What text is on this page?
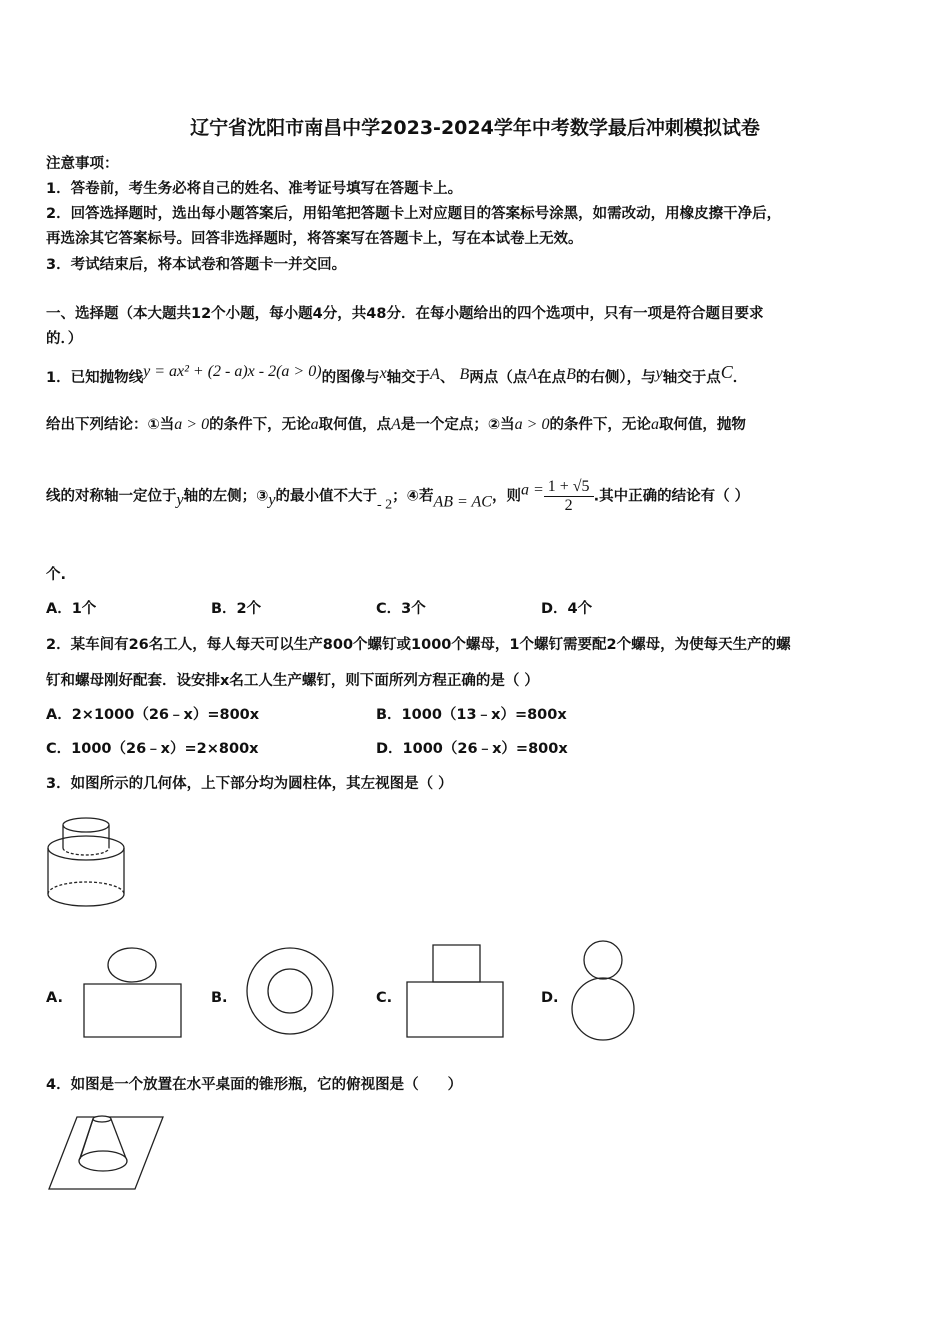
辽宁省沈阳市南昌中学2023-2024学年中考数学最后冲刺模拟试卷
注意事项：
1．答卷前，考生务必将自己的姓名、准考证号填写在答题卡上。
2．回答选择题时，选出每小题答案后，用铅笔把答题卡上对应题目的答案标号涂黑，如需改动，用橡皮擦干净后，
再选涂其它答案标号。回答非选择题时，将答案写在答题卡上，写在本试卷上无效。
3．考试结束后，将本试卷和答题卡一并交回。
一、选择题（本大题共12个小题，每小题4分，共48分．在每小题给出的四个选项中，只有一项是符合题目要求
的．）
1．已知抛物线y = ax² + (2 - a)x - 2(a > 0)的图像与x轴交于A、 B两点（点A在点B的右侧），与y轴交于点C．
给出下列结论：①当a > 0的条件下，无论a取何值，点A是一个定点；②当a > 0的条件下，无论a取何值，抛物
线的对称轴一定位于y轴的左侧；③y的最小值不大于- 2；④若AB = AC，则$a = \frac{1 + √5}{2}$ .其中正确的结论有（ ）
个.
A．1个	B．2个	C．3个	D．4个
2．某车间有26名工人，每人每天可以生产800个螺钉或1000个螺母，1个螺钉需要配2个螺母，为使每天生产的螺
钉和螺母刚好配套．设安排x名工人生产螺钉，则下面所列方程正确的是（ ）
A．2×1000（26﹣x）=800x	B．1000（13﹣x）=800x
C．1000（26﹣x）=2×800x	D．1000（26﹣x）=800x
3．如图所示的几何体，上下部分均为圆柱体，其左视图是（ ）
A.	B.	C.	D.
4．如图是一个放置在水平桌面的锥形瓶，它的俯视图是（　　）
